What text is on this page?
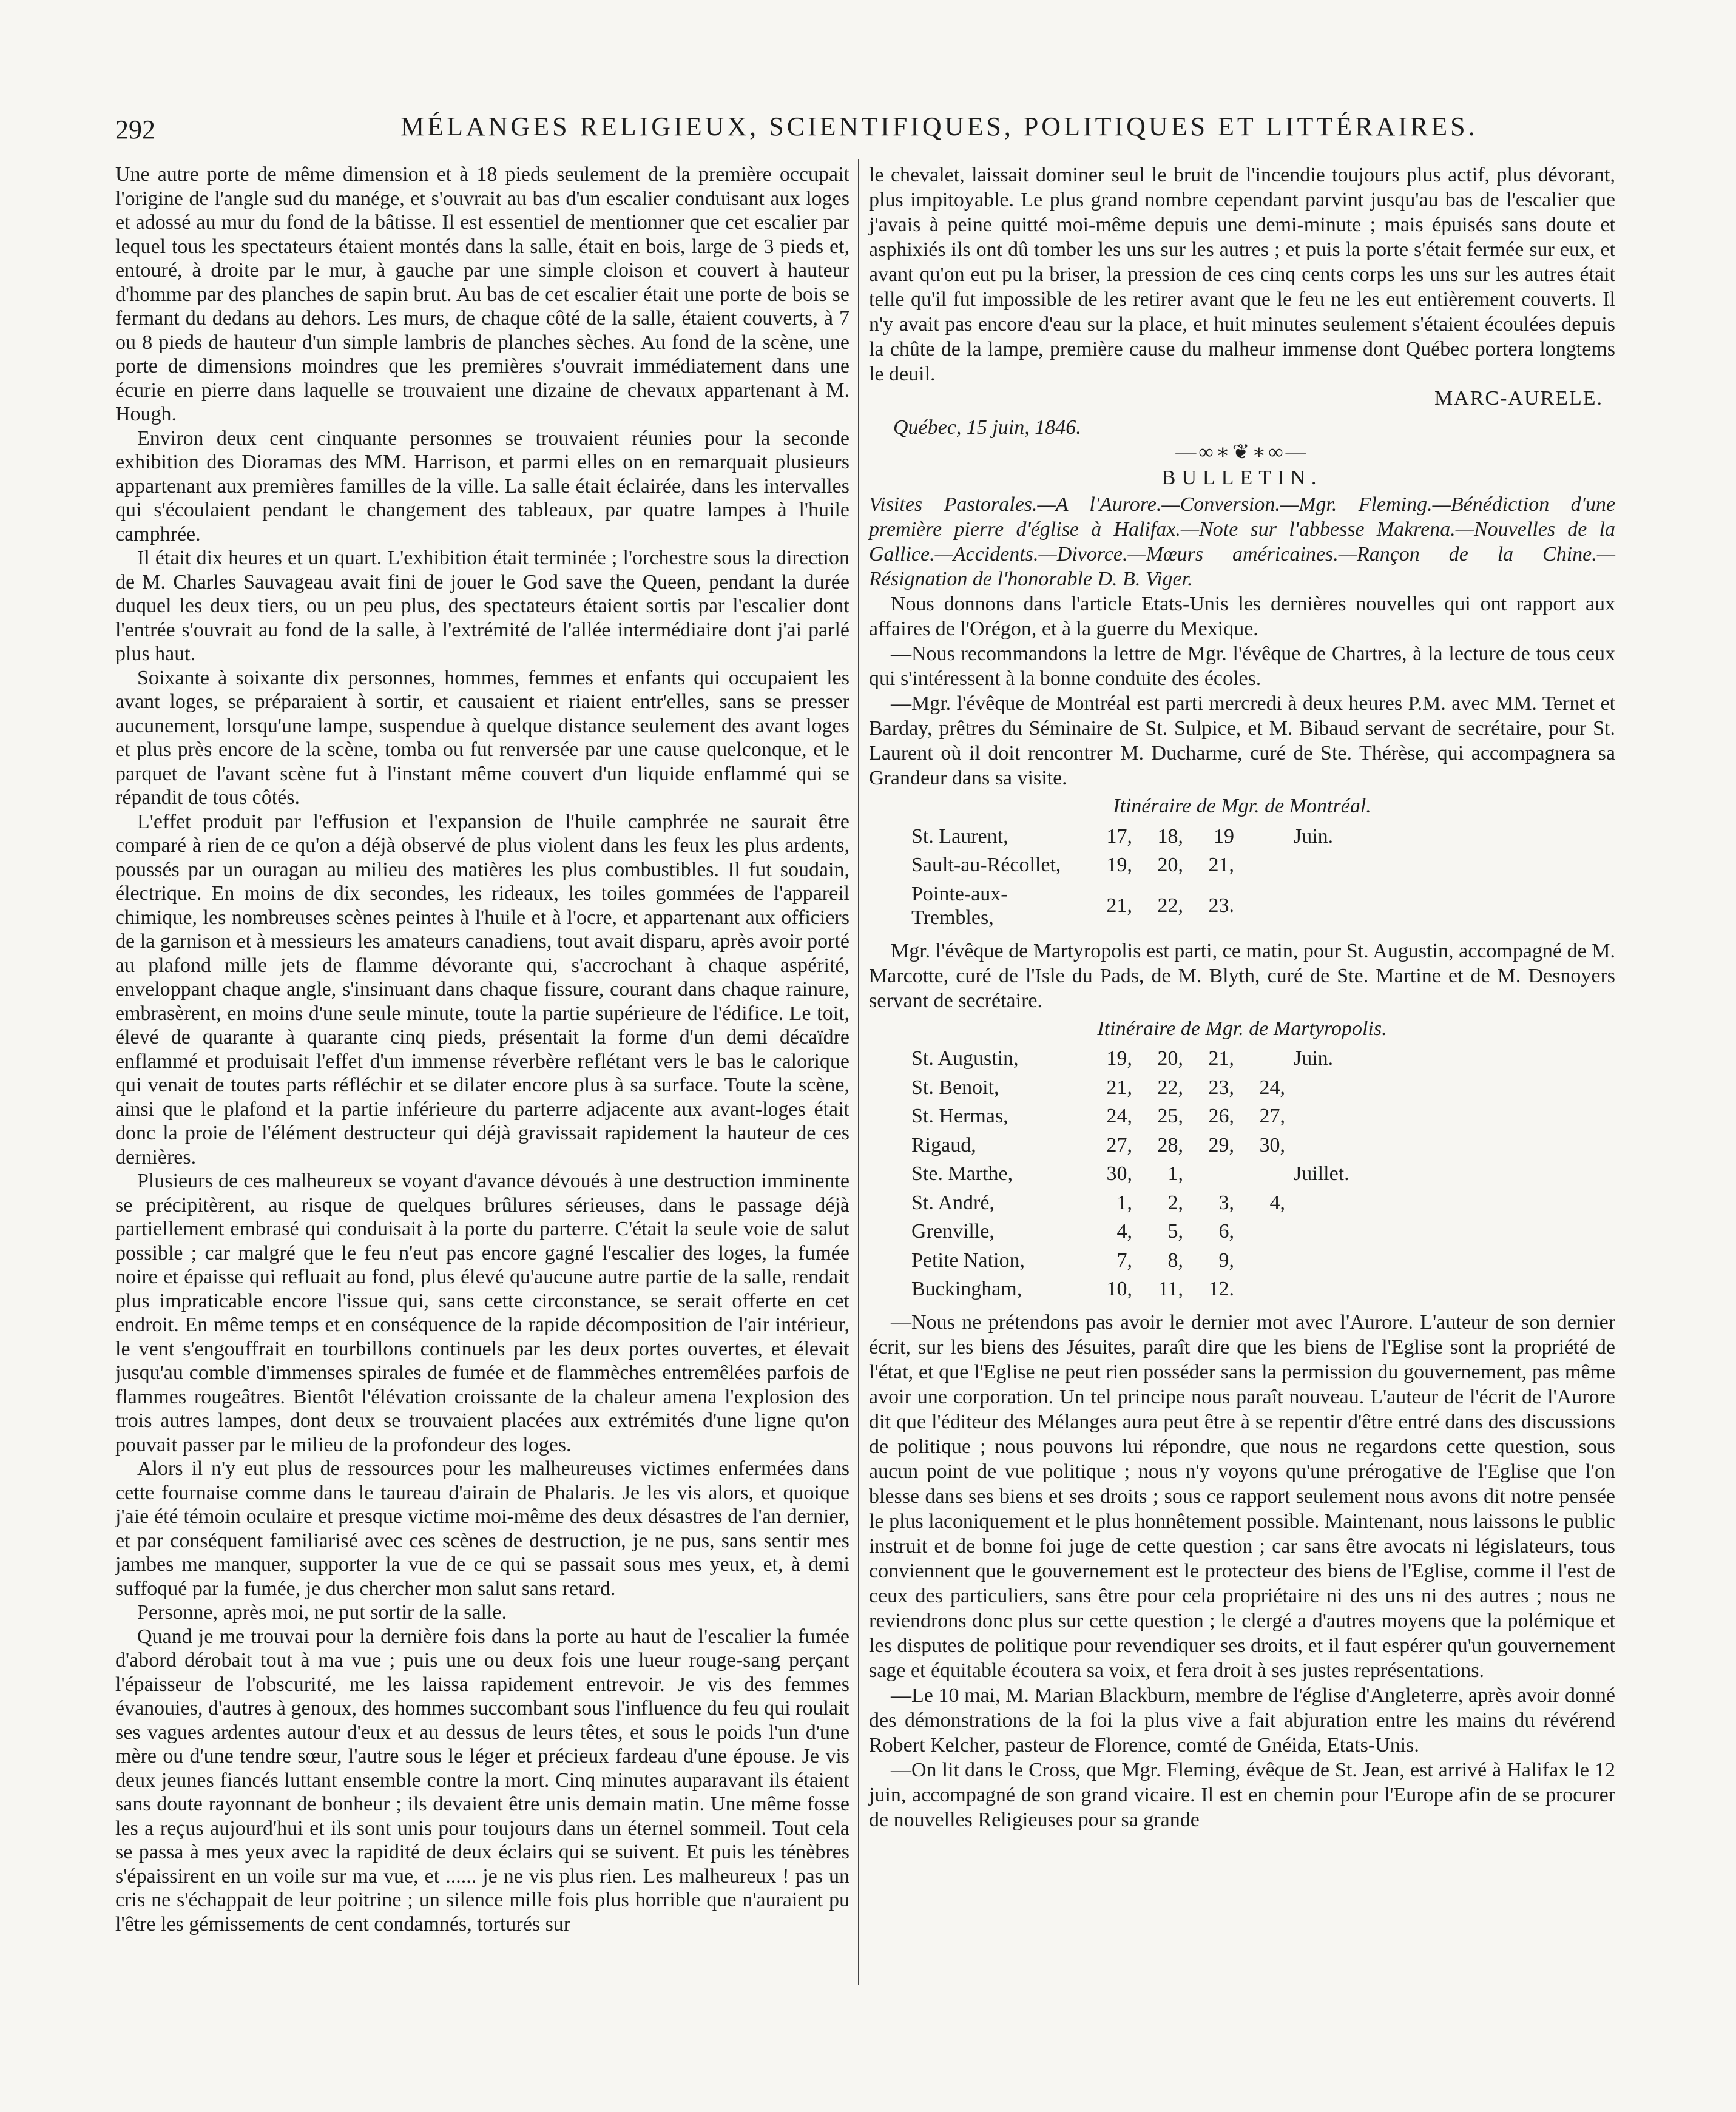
292	MÉLANGES RELIGIEUX, SCIENTIFIQUES, POLITIQUES ET LITTÉRAIRES.

Une autre porte de même dimension et à 18 pieds seulement de la première occupait l'origine de l'angle sud du manége, et s'ouvrait au bas d'un escalier conduisant aux loges et adossé au mur du fond de la bâtisse. Il est essentiel de mentionner que cet escalier par lequel tous les spectateurs étaient montés dans la salle, était en bois, large de 3 pieds et, entouré, à droite par le mur, à gauche par une simple cloison et couvert à hauteur d'homme par des planches de sapin brut. Au bas de cet escalier était une porte de bois se fermant du dedans au dehors. Les murs, de chaque côté de la salle, étaient couverts, à 7 ou 8 pieds de hauteur d'un simple lambris de planches sèches. Au fond de la scène, une porte de dimensions moindres que les premières s'ouvrait immédiatement dans une écurie en pierre dans laquelle se trouvaient une dizaine de chevaux appartenant à M. Hough.

Environ deux cent cinquante personnes se trouvaient réunies pour la seconde exhibition des Dioramas des MM. Harrison, et parmi elles on en remarquait plusieurs appartenant aux premières familles de la ville. La salle était éclairée, dans les intervalles qui s'écoulaient pendant le changement des tableaux, par quatre lampes à l'huile camphrée.

Il était dix heures et un quart. L'exhibition était terminée ; l'orchestre sous la direction de M. Charles Sauvageau avait fini de jouer le God save the Queen, pendant la durée duquel les deux tiers, ou un peu plus, des spectateurs étaient sortis par l'escalier dont l'entrée s'ouvrait au fond de la salle, à l'extrémité de l'allée intermédiaire dont j'ai parlé plus haut.

Soixante à soixante dix personnes, hommes, femmes et enfants qui occupaient les avant loges, se préparaient à sortir, et causaient et riaient entr'elles, sans se presser aucunement, lorsqu'une lampe, suspendue à quelque distance seulement des avant loges et plus près encore de la scène, tomba ou fut renversée par une cause quelconque, et le parquet de l'avant scène fut à l'instant même couvert d'un liquide enflammé qui se répandit de tous côtés.

L'effet produit par l'effusion et l'expansion de l'huile camphrée ne saurait être comparé à rien de ce qu'on a déjà observé de plus violent dans les feux les plus ardents, poussés par un ouragan au milieu des matières les plus combustibles. Il fut soudain, électrique. En moins de dix secondes, les rideaux, les toiles gommées de l'appareil chimique, les nombreuses scènes peintes à l'huile et à l'ocre, et appartenant aux officiers de la garnison et à messieurs les amateurs canadiens, tout avait disparu, après avoir porté au plafond mille jets de flamme dévorante qui, s'accrochant à chaque aspérité, enveloppant chaque angle, s'insinuant dans chaque fissure, courant dans chaque rainure, embrasèrent, en moins d'une seule minute, toute la partie supérieure de l'édifice. Le toit, élevé de quarante à quarante cinq pieds, présentait la forme d'un demi décaïdre enflammé et produisait l'effet d'un immense réverbère reflétant vers le bas le calorique qui venait de toutes parts réfléchir et se dilater encore plus à sa surface. Toute la scène, ainsi que le plafond et la partie inférieure du parterre adjacente aux avant-loges était donc la proie de l'élément destructeur qui déjà gravissait rapidement la hauteur de ces dernières.

Plusieurs de ces malheureux se voyant d'avance dévoués à une destruction imminente se précipitèrent, au risque de quelques brûlures sérieuses, dans le passage déjà partiellement embrasé qui conduisait à la porte du parterre. C'était la seule voie de salut possible ; car malgré que le feu n'eut pas encore gagné l'escalier des loges, la fumée noire et épaisse qui refluait au fond, plus élevé qu'aucune autre partie de la salle, rendait plus impraticable encore l'issue qui, sans cette circonstance, se serait offerte en cet endroit. En même temps et en conséquence de la rapide décomposition de l'air intérieur, le vent s'engouffrait en tourbillons continuels par les deux portes ouvertes, et élevait jusqu'au comble d'immenses spirales de fumée et de flammèches entremêlées parfois de flammes rougeâtres. Bientôt l'élévation croissante de la chaleur amena l'explosion des trois autres lampes, dont deux se trouvaient placées aux extrémités d'une ligne qu'on pouvait passer par le milieu de la profondeur des loges.

Alors il n'y eut plus de ressources pour les malheureuses victimes enfermées dans cette fournaise comme dans le taureau d'airain de Phalaris. Je les vis alors, et quoique j'aie été témoin oculaire et presque victime moi-même des deux désastres de l'an dernier, et par conséquent familiarisé avec ces scènes de destruction, je ne pus, sans sentir mes jambes me manquer, supporter la vue de ce qui se passait sous mes yeux, et, à demi suffoqué par la fumée, je dus chercher mon salut sans retard.

Personne, après moi, ne put sortir de la salle.

Quand je me trouvai pour la dernière fois dans la porte au haut de l'escalier la fumée d'abord dérobait tout à ma vue ; puis une ou deux fois une lueur rouge-sang perçant l'épaisseur de l'obscurité, me les laissa rapidement entrevoir. Je vis des femmes évanouies, d'autres à genoux, des hommes succombant sous l'influence du feu qui roulait ses vagues ardentes autour d'eux et au dessus de leurs têtes, et sous le poids l'un d'une mère ou d'une tendre sœur, l'autre sous le léger et précieux fardeau d'une épouse. Je vis deux jeunes fiancés luttant ensemble contre la mort. Cinq minutes auparavant ils étaient sans doute rayonnant de bonheur ; ils devaient être unis demain matin. Une même fosse les a reçus aujourd'hui et ils sont unis pour toujours dans un éternel sommeil. Tout cela se passa à mes yeux avec la rapidité de deux éclairs qui se suivent. Et puis les ténèbres s'épaissirent en un voile sur ma vue, et ...... je ne vis plus rien. Les malheureux ! pas un cris ne s'échappait de leur poitrine ; un silence mille fois plus horrible que n'auraient pu l'être les gémissements de cent condamnés, torturés sur

le chevalet, laissait dominer seul le bruit de l'incendie toujours plus actif, plus dévorant, plus impitoyable. Le plus grand nombre cependant parvint jusqu'au bas de l'escalier que j'avais à peine quitté moi-même depuis une demi-minute ; mais épuisés sans doute et asphixiés ils ont dû tomber les uns sur les autres ; et puis la porte s'était fermée sur eux, et avant qu'on eut pu la briser, la pression de ces cinq cents corps les uns sur les autres était telle qu'il fut impossible de les retirer avant que le feu ne les eut entièrement couverts. Il n'y avait pas encore d'eau sur la place, et huit minutes seulement s'étaient écoulées depuis la chûte de la lampe, première cause du malheur immense dont Québec portera longtems le deuil.

MARC-AURELE.
Québec, 15 juin, 1846.
—∞∗❦∗∞—
BULLETIN.

Visites Pastorales.—A l'Aurore.—Conversion.—Mgr. Fleming.—Bénédiction d'une première pierre d'église à Halifax.—Note sur l'abbesse Makrena.—Nouvelles de la Gallice.—Accidents.—Divorce.—Mœurs américaines.—Rançon de la Chine.—Résignation de l'honorable D. B. Viger.

Nous donnons dans l'article Etats-Unis les dernières nouvelles qui ont rapport aux affaires de l'Orégon, et à la guerre du Mexique.

—Nous recommandons la lettre de Mgr. l'évêque de Chartres, à la lecture de tous ceux qui s'intéressent à la bonne conduite des écoles.

—Mgr. l'évêque de Montréal est parti mercredi à deux heures P.M. avec MM. Ternet et Barday, prêtres du Séminaire de St. Sulpice, et M. Bibaud servant de secrétaire, pour St. Laurent où il doit rencontrer M. Ducharme, curé de Ste. Thérèse, qui accompagnera sa Grandeur dans sa visite.

Itinéraire de Mgr. de Montréal.
St. Laurent,	17,	18,	19		Juin.
Sault-au-Récollet,	19,	20,	21,		
Pointe-aux-Trembles,	21,	22,	23.		

Mgr. l'évêque de Martyropolis est parti, ce matin, pour St. Augustin, accompagné de M. Marcotte, curé de l'Isle du Pads, de M. Blyth, curé de Ste. Martine et de M. Desnoyers servant de secrétaire.

Itinéraire de Mgr. de Martyropolis.
St. Augustin,	19,	20,	21,		Juin.
St. Benoit,	21,	22,	23,	24,	
St. Hermas,	24,	25,	26,	27,	
Rigaud,	27,	28,	29,	30,	
Ste. Marthe,	30,	1,			Juillet.
St. André,	1,	2,	3,	4,	
Grenville,	4,	5,	6,		
Petite Nation,	7,	8,	9,		
Buckingham,	10,	11,	12.		

—Nous ne prétendons pas avoir le dernier mot avec l'Aurore. L'auteur de son dernier écrit, sur les biens des Jésuites, paraît dire que les biens de l'Eglise sont la propriété de l'état, et que l'Eglise ne peut rien posséder sans la permission du gouvernement, pas même avoir une corporation. Un tel principe nous paraît nouveau. L'auteur de l'écrit de l'Aurore dit que l'éditeur des Mélanges aura peut être à se repentir d'être entré dans des discussions de politique ; nous pouvons lui répondre, que nous ne regardons cette question, sous aucun point de vue politique ; nous n'y voyons qu'une prérogative de l'Eglise que l'on blesse dans ses biens et ses droits ; sous ce rapport seulement nous avons dit notre pensée le plus laconiquement et le plus honnêtement possible. Maintenant, nous laissons le public instruit et de bonne foi juge de cette question ; car sans être avocats ni législateurs, tous conviennent que le gouvernement est le protecteur des biens de l'Eglise, comme il l'est de ceux des particuliers, sans être pour cela propriétaire ni des uns ni des autres ; nous ne reviendrons donc plus sur cette question ; le clergé a d'autres moyens que la polémique et les disputes de politique pour revendiquer ses droits, et il faut espérer qu'un gouvernement sage et équitable écoutera sa voix, et fera droit à ses justes représentations.

—Le 10 mai, M. Marian Blackburn, membre de l'église d'Angleterre, après avoir donné des démonstrations de la foi la plus vive a fait abjuration entre les mains du révérend Robert Kelcher, pasteur de Florence, comté de Gnéida, Etats-Unis.

—On lit dans le Cross, que Mgr. Fleming, évêque de St. Jean, est arrivé à Halifax le 12 juin, accompagné de son grand vicaire. Il est en chemin pour l'Europe afin de se procurer de nouvelles Religieuses pour sa grande
